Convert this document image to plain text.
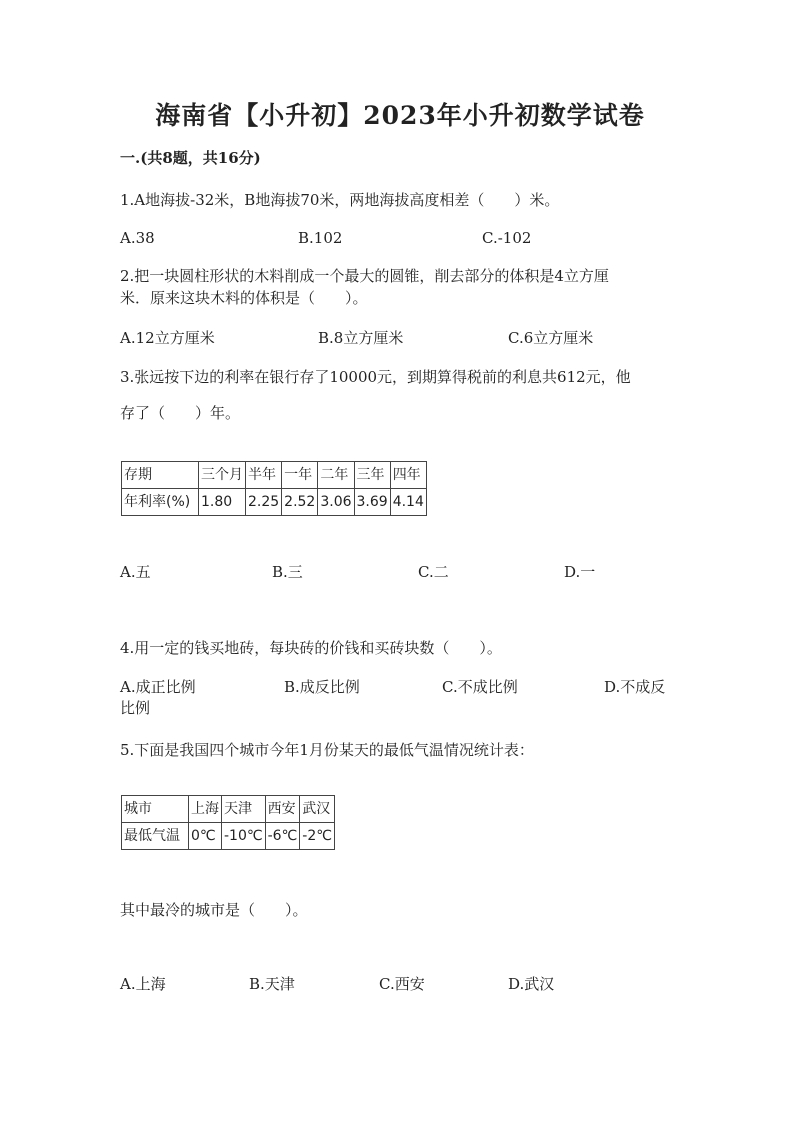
海南省【小升初】2023年小升初数学试卷
一.(共8题，共16分)
1.A地海拔-32米，B地海拔70米，两地海拔高度相差（　　）米。
A.38	B.102	C.-102
2.把一块圆柱形状的木料削成一个最大的圆锥，削去部分的体积是4立方厘
米．原来这块木料的体积是（　　）。
A.12立方厘米	B.8立方厘米	C.6立方厘米
3.张远按下边的利率在银行存了10000元，到期算得税前的利息共612元，他
存了（　　）年。
存期	三个月	半年	一年	二年	三年	四年
年利率(%)	1.80	2.25	2.52	3.06	3.69	4.14
A.五	B.三	C.二	D.一
4.用一定的钱买地砖，每块砖的价钱和买砖块数（　　）。
A.成正比例	B.成反比例	C.不成比例	D.不成反
比例
5.下面是我国四个城市今年1月份某天的最低气温情况统计表：
城市	上海	天津	西安	武汉
最低气温	0℃	-10℃	-6℃	-2℃
其中最冷的城市是（　　）。
A.上海	B.天津	C.西安	D.武汉
